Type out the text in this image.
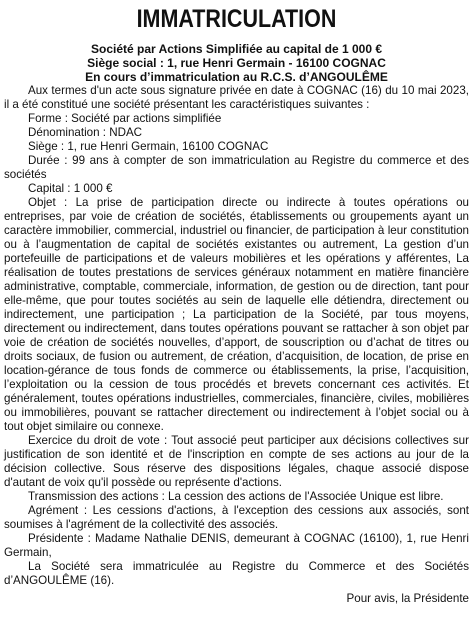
IMMATRICULATION
Société par Actions Simplifiée au capital de 1 000 €
Siège social : 1, rue Henri Germain - 16100 COGNAC
En cours d’immatriculation au R.C.S. d’ANGOULÊME

Aux termes d'un acte sous signature privée en date à COGNAC (16) du 10 mai 2023, il a été constitué une société présentant les caractéristiques suivantes :

Forme : Société par actions simplifiée

Dénomination : NDAC

Siège : 1, rue Henri Germain, 16100 COGNAC

Durée : 99 ans à compter de son immatriculation au Registre du commerce et des sociétés

Capital : 1 000 €

Objet : La prise de participation directe ou indirecte à toutes opérations ou entreprises, par voie de création de sociétés, établissements ou groupements ayant un caractère immobilier, commercial, industriel ou financier, de participation à leur constitution ou à l’augmentation de capital de sociétés existantes ou autrement, La gestion d’un portefeuille de participations et de valeurs mobilières et les opérations y afférentes, La réalisation de toutes prestations de services généraux notamment en matière financière administrative, comptable, commerciale, information, de gestion ou de direction, tant pour elle-même, que pour toutes sociétés au sein de laquelle elle détiendra, directement ou indirectement, une participation ; La participation de la Société, par tous moyens, directement ou indirectement, dans toutes opérations pouvant se rattacher à son objet par voie de création de sociétés nouvelles, d’apport, de souscription ou d’achat de titres ou droits sociaux, de fusion ou autrement, de création, d’acquisition, de location, de prise en location-gérance de tous fonds de commerce ou établissements, la prise, l’acquisition, l’exploitation ou la cession de tous procédés et brevets concernant ces activités. Et généralement, toutes opérations industrielles, commerciales, financière, civiles, mobilières ou immobilières, pouvant se rattacher directement ou indirectement à l’objet social ou à tout objet similaire ou connexe.

Exercice du droit de vote : Tout associé peut participer aux décisions collectives sur justification de son identité et de l'inscription en compte de ses actions au jour de la décision collective. Sous réserve des dispositions légales, chaque associé dispose d'autant de voix qu'il possède ou représente d'actions.

Transmission des actions : La cession des actions de l'Associée Unique est libre.

Agrément : Les cessions d'actions, à l'exception des cessions aux associés, sont soumises à l'agrément de la collectivité des associés.

Présidente : Madame Nathalie DENIS, demeurant à COGNAC (16100), 1, rue Henri Germain,

La Société sera immatriculée au Registre du Commerce et des Sociétés d’ANGOULÊME (16).

Pour avis, la Présidente
